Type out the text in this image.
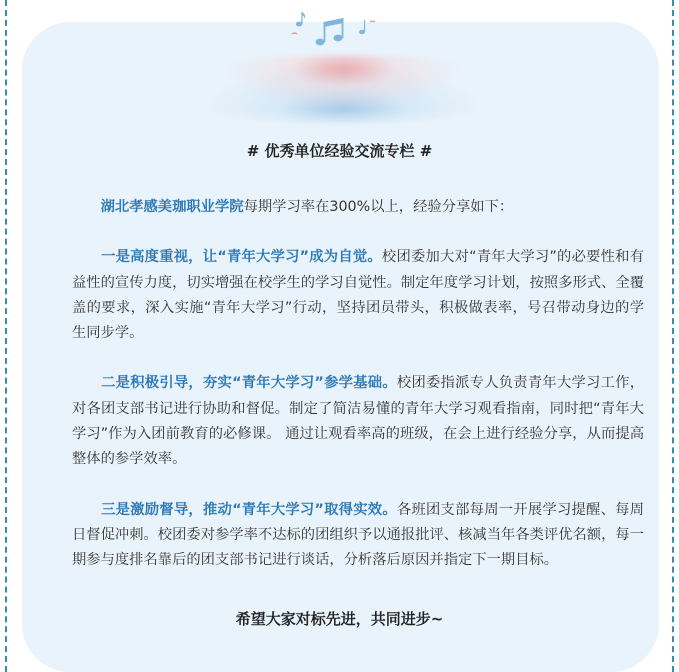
# 优秀单位经验交流专栏 #

　　湖北孝感美珈职业学院每期学习率在300%以上，经验分享如下：

　　一是高度重视，让“青年大学习”成为自觉。校团委加大对“青年大学习”的必要性和有益性的宣传力度，切实增强在校学生的学习自觉性。制定年度学习计划，按照多形式、全覆盖的要求，深入实施“青年大学习”行动，坚持团员带头，积极做表率，号召带动身边的学生同步学。

　　二是积极引导，夯实“青年大学习”参学基础。校团委指派专人负责青年大学习工作，对各团支部书记进行协助和督促。制定了简洁易懂的青年大学习观看指南，同时把“青年大学习”作为入团前教育的必修课。 通过让观看率高的班级，在会上进行经验分享，从而提高整体的参学效率。

　　三是激励督导，推动“青年大学习”取得实效。各班团支部每周一开展学习提醒、每周日督促冲刺。校团委对参学率不达标的团组织予以通报批评、核减当年各类评优名额，每一期参与度排名靠后的团支部书记进行谈话，分析落后原因并指定下一期目标。

希望大家对标先进，共同进步~
